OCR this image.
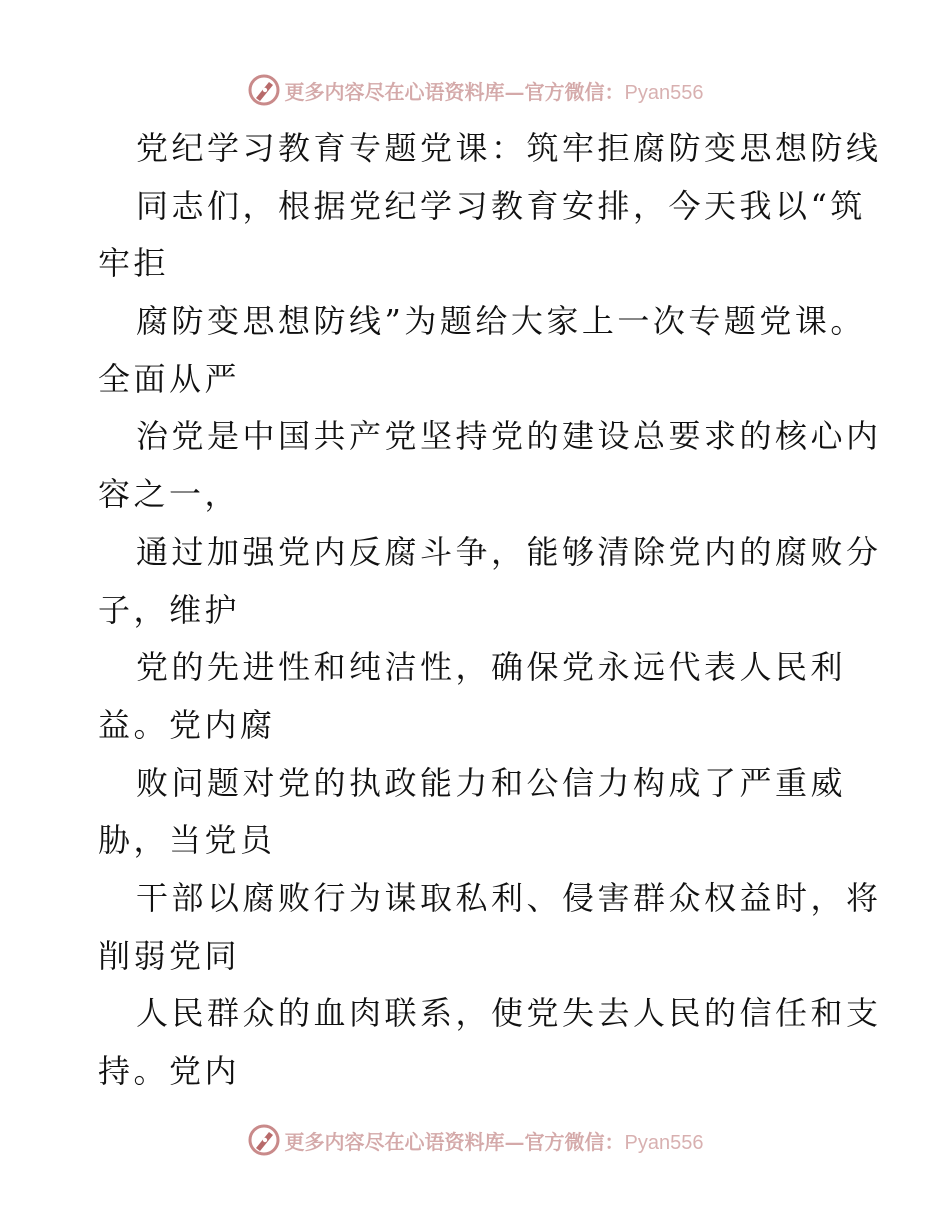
更多内容尽在心语资料库—官方微信：Pyan556
党纪学习教育专题党课：筑牢拒腐防变思想防线
同志们，根据党纪学习教育安排，今天我以“筑
牢拒
腐防变思想防线”为题给大家上一次专题党课。
全面从严
治党是中国共产党坚持党的建设总要求的核心内
容之一，
通过加强党内反腐斗争，能够清除党内的腐败分
子，维护
党的先进性和纯洁性，确保党永远代表人民利
益。党内腐
败问题对党的执政能力和公信力构成了严重威
胁，当党员
干部以腐败行为谋取私利、侵害群众权益时，将
削弱党同
人民群众的血肉联系，使党失去人民的信任和支
持。党内
更多内容尽在心语资料库—官方微信：Pyan556
